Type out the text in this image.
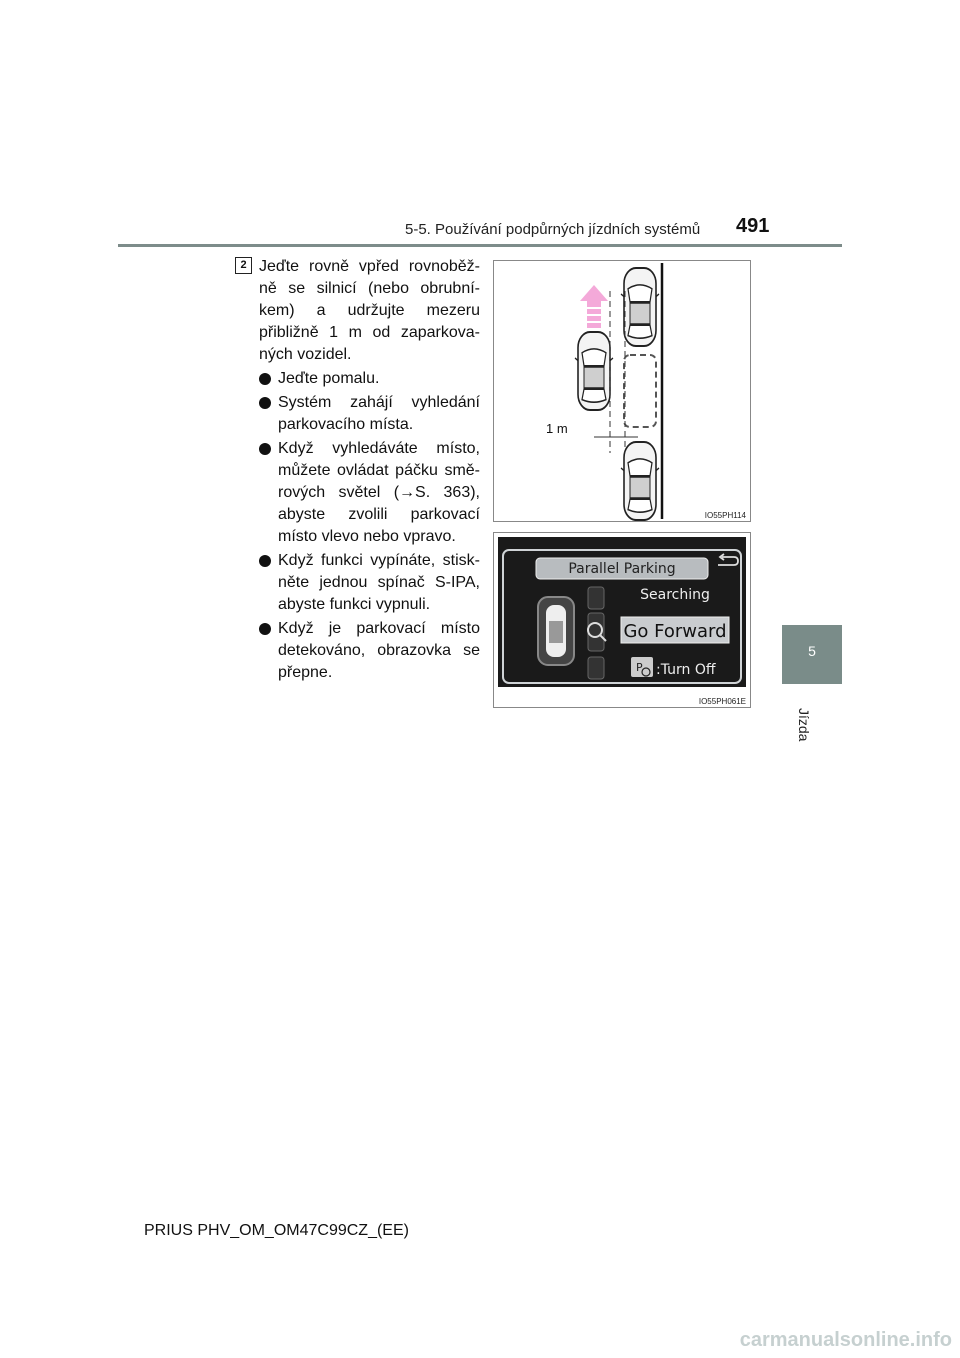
5-5. Používání podpůrných jízdních systémů 491
5
Jízda
2 Jeďte rovně vpřed rovnoběž-
ně se silnicí (nebo obrubní-
kem) a udržujte mezeru
přibližně 1 m od zaparkova-
ných vozidel.
Jeďte pomalu.
Systém zahájí vyhledání
parkovacího místa.
Když vyhledáváte místo,
můžete ovládat páčku smě-
rových světel (→S. 363),
abyste zvolili parkovací
místo vlevo nebo vpravo.
Když funkci vypínáte, stisk-
něte jednou spínač S-IPA,
abyste funkci vypnuli.
Když je parkovací místo
detekováno, obrazovka se
přepne.
1 m
IO55PH114
Parallel Parking
Searching
Go Forward
P :Turn Off
IO55PH061E
PRIUS PHV_OM_OM47C99CZ_(EE)
carmanualsonline.info
